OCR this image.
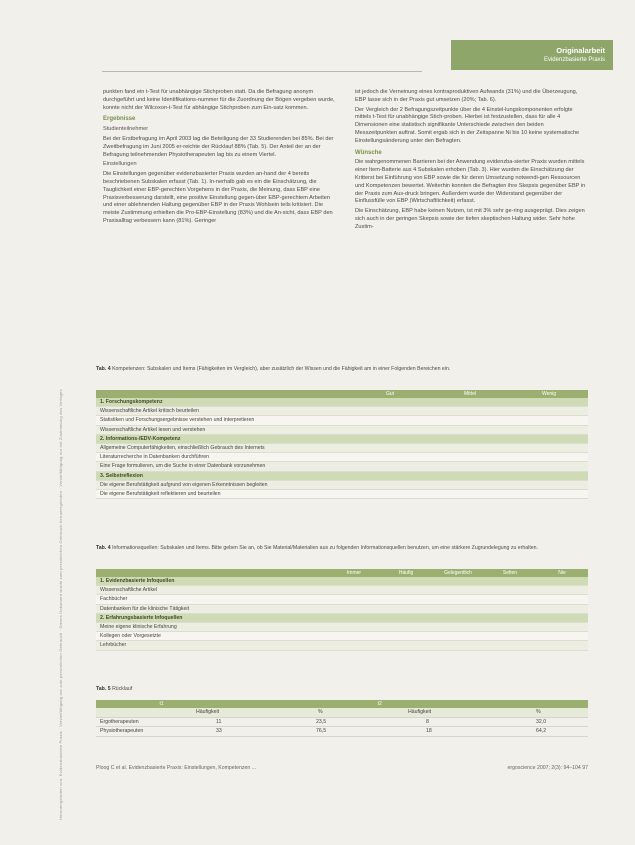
Heruntergeladen von: Evidenzbasierte Praxis · Vervielfältigung nur zum persönlichen Gebrauch · Dieses Dokument wurde zum persönlichen Gebrauch heruntergeladen · Vervielfältigung nur mit Zustimmung des Verlages
Originalarbeit
Evidenzbasierte Praxis

punkten fand ein t-Test für unabhängige Stichproben statt. Da die Befragung anonym durchgeführt und keine Identifikations-nummer für die Zuordnung der Bögen vergeben wurde, konnte nicht der Wilcoxon-t-Test für abhängige Stichproben zum Ein-satz kommen.

Ergebnisse

Studienteilnehmer

Bei der Erstbefragung im April 2003 lag die Beteiligung der 33 Studierenden bei 85%. Bei der Zweitbefragung im Juni 2005 er-reichte der Rücklauf 88% (Tab. 5). Der Anteil der an der Befragung teilnehmenden Physiotherapeuten lag bis zu einem Viertel.

Einstellungen

Die Einstellungen gegenüber evidenzbasierter Praxis wurden an-hand der 4 bereits beschriebenen Subskalen erfasst (Tab. 1). In-nerhalb gab es ein die Einschätzung, die Tauglichkeit einer EBP-gerechten Vorgehens in der Praxis, die Meinung, dass EBP eine Praxisverbesserung darstellt, eine positive Einstellung gegen-über EBP-gerechtem Arbeiten und einer ablehnenden Haltung gegenüber EBP in der Praxis Wohlsein teils kritisiert. Die meiste Zustimmung erhielten die Pro-EBP-Einstellung (83%) und die An-sicht, dass EBP den Praxisalltag verbessern kann (81%). Geringer

ist jedoch die Verneinung eines kontraproduktiven Aufwands (31%) und die Überzeugung, EBP lasse sich in der Praxis gut umsetzen (20%; Tab. 6).

Der Vergleich der 2 Befragungszeitpunkte über die 4 Einstel-lungskomponenten erfolgte mittels t-Test für unabhängige Stich-proben. Hierbei ist festzustellen, dass für alle 4 Dimensionen eine statistisch signifikante Unterschiede zwischen den beiden Messzeitpunkten auftrat. Somit ergab sich in der Zeitspanne Ni bis 10 keine systematische Einstellungsänderung unter den Befragten.

Wünsche

Die wahrgenommenen Barrieren bei der Anwendung evidenzba-sierter Praxis wurden mittels einer Item-Batterie aus 4 Subskalen erhoben (Tab. 3). Hier wurden die Einschätzung der Kritterst bei Einführung von EBP sowie die für deren Umsetzung notwendi-gen Ressourcen und Kompetenzen bewertet. Weiterhin konnten die Befragten ihre Skepsis gegenüber EBP in der Praxis zum Aus-druck bringen. Außerdem wurde der Widerstand gegenüber der Einflussfülle von EBP (Wirtschaftlichkeit) erfasst.

Die Einschätzung, EBP habe keinen Nutzen, ist mit 3% sehr ge-ring ausgeprägt. Dies zeigen sich auch in der geringen Skepsis sowie der tiefen skeptischen Haltung wider. Sehr hohe Zustim-

Tab. 4 Kompetenzen: Subskalen und Items (Fähigkeiten im Vergleich), aber zusätzlich der Wissen und die Fähigkeit am in einer Folgenden Bereichen ein.
Gut	Mittel	Wenig
1. Forschungskompetenz
Wissenschaftliche Artikel kritisch beurteilen
Statistiken und Forschungsergebnisse verstehen und interpretieren
Wissenschaftliche Artikel lesen und verstehen
2. Informations-/EDV-Kompetenz
Allgemeine Computerfähigkeiten, einschließlich Gebrauch des Internets
Literaturrecherche in Datenbanken durchführen
Eine Frage formulieren, um die Suche in einer Datenbank vorzunehmen
3. Selbstreflexion
Die eigene Berufstätigkeit aufgrund von eigenen Erkenntnissen begleiten
Die eigene Berufstätigkeit reflektieren und beurteilen
Tab. 4 Informationsquellen: Subskalen und Items. Bitte geben Sie an, ob Sie Material/Materialien aus zu folgenden Informationsquellen benutzen, um eine stärkere Zugrundelegung zu erhalten.
Immer	Häufig	Gelegentlich	Selten	Nie
1. Evidenzbasierte Infoquellen
Wissenschaftliche Artikel
Fachbücher
Datenbanken für die klinische Tätigkeit
2. Erfahrungsbasierte Infoquellen
Meine eigene klinische Erfahrung
Kollegen oder Vorgesetzte
Lehrbücher
Tab. 5 Rücklauf
t1	t2
Häufigkeit	%	Häufigkeit	%
Ergotherapeuten	11	23,5	8	32,0
Physiotherapeuten	33	76,5	18	64,2
Ploog C et al. Evidenzbasierte Praxis: Einstellungen, Kompetenzen ...	ergoscience 2007; 2(3): 94–104 97
